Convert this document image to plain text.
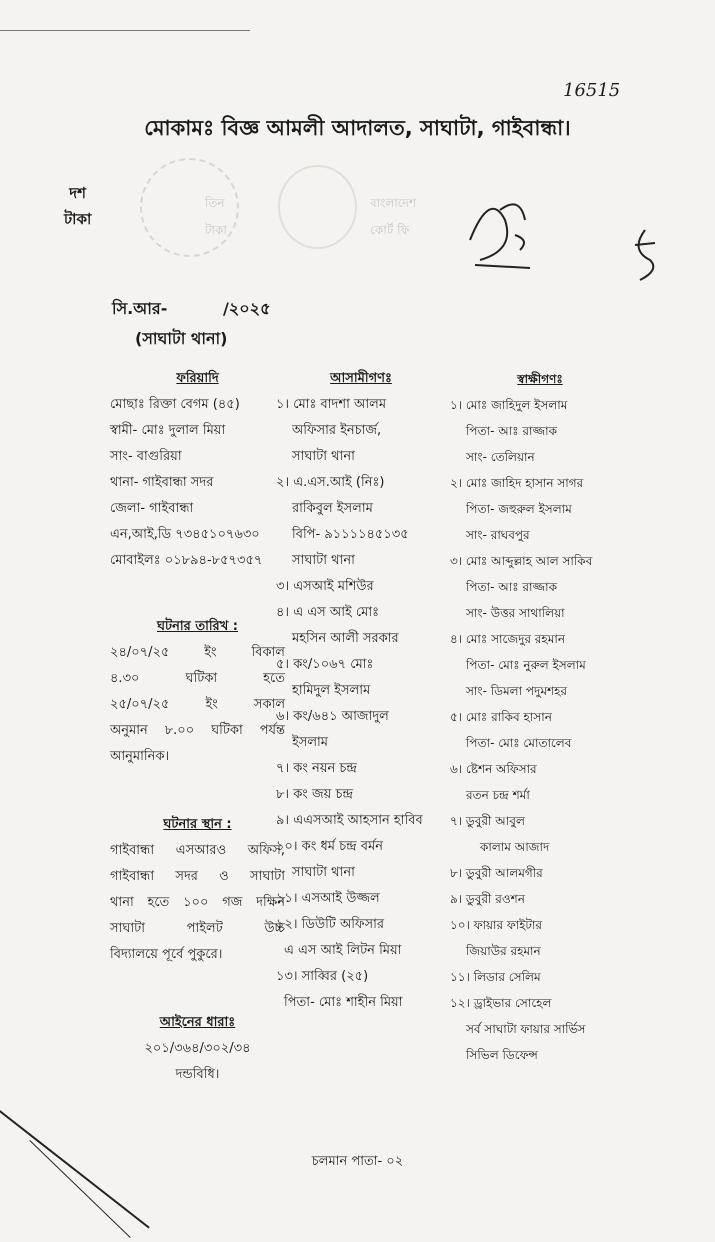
16515
মোকামঃ বিজ্ঞ আমলী আদালত, সাঘাটা, গাইবান্ধা।
দশ
টাকা
তিন
টাকা
বাংলাদেশ
কোর্ট ফি
সি.আর-          /২০২৫
(সাঘাটা থানা)
ফরিয়াদি
মোছাঃ রিক্তা বেগম (৪৫)
স্বামী- মোঃ দুলাল মিয়া
সাং- বাগুরিয়া
থানা- গাইবান্ধা সদর
জেলা- গাইবান্ধা
এন,আই,ডি ৭৩৪৫১০৭৬৩০
মোবাইলঃ ০১৮৯৪-৮৫৭৩৫৭
ঘটনার তারিখ :
২৪/০৭/২৫ ইং বিকাল
৪.৩০ ঘটিকা হতে
২৫/০৭/২৫ ইং সকাল
অনুমান ৮.০০ ঘটিকা পর্যন্ত
আনুমানিক।
ঘটনার স্থান :
গাইবান্ধা এসআরও অফিস,
গাইবান্ধা সদর ও সাঘাটা
থানা হতে ১০০ গজ দক্ষিন
সাঘাটা পাইলট উচ্চ
বিদ্যালয়ে পূর্বে পুকুরে।
আইনের ধারাঃ
২০১/৩৬৪/৩০২/৩৪
দন্ডবিধি।
আসামীগণঃ
১। মোঃ বাদশা আলম
অফিসার ইনচার্জ,
সাঘাটা থানা
২। এ.এস.আই (নিঃ)
রাকিবুল ইসলাম
বিপি- ৯১১১১৪৫১৩৫
সাঘাটা থানা
৩। এসআই মশিউর
৪। এ এস আই মোঃ
মহসিন আলী সরকার
৫। কং/১০৬৭ মোঃ
হামিদুল ইসলাম
৬। কং/৬৪১ আজাদুল
ইসলাম
৭। কং নয়ন চন্দ্র
৮। কং জয় চন্দ্র
৯। এএসআই আহসান হাবিব
১০। কং ধর্ম চন্দ্র বর্মন
সাঘাটা থানা
১১। এসআই উজ্জল
১২। ডিউটি অফিসার
এ এস আই লিটন মিয়া
১৩। সাব্বির (২৫)
পিতা- মোঃ শাহীন মিয়া
স্বাক্ষীগণঃ
১। মোঃ জাহিদুল ইসলাম
পিতা- আঃ রাজ্জাক
সাং- তেলিয়ান
২। মোঃ জাহিদ হাসান সাগর
পিতা- জহুরুল ইসলাম
সাং- রাঘবপুর
৩। মোঃ আব্দুল্লাহ আল সাকিব
পিতা- আঃ রাজ্জাক
সাং- উত্তর সাথালিয়া
৪। মোঃ সাজেদুর রহমান
পিতা- মোঃ নুরুল ইসলাম
সাং- ডিমলা পদুমশহর
৫। মোঃ রাকিব হাসান
পিতা- মোঃ মোতালেব
৬। ষ্টেশন অফিসার
রতন চন্দ্র শর্মা
৭। ডুবুরী আবুল
কালাম আজাদ
৮। ডুবুরী আলমগীর
৯। ডুবুরী রওশন
১০। ফায়ার ফাইটার
জিয়াউর রহমান
১১। লিডার সেলিম
১২। ড্রাইভার সোহেল
সর্ব সাঘাটা ফায়ার সার্ভিস
সিভিল ডিফেন্স
চলমান পাতা- ০২
